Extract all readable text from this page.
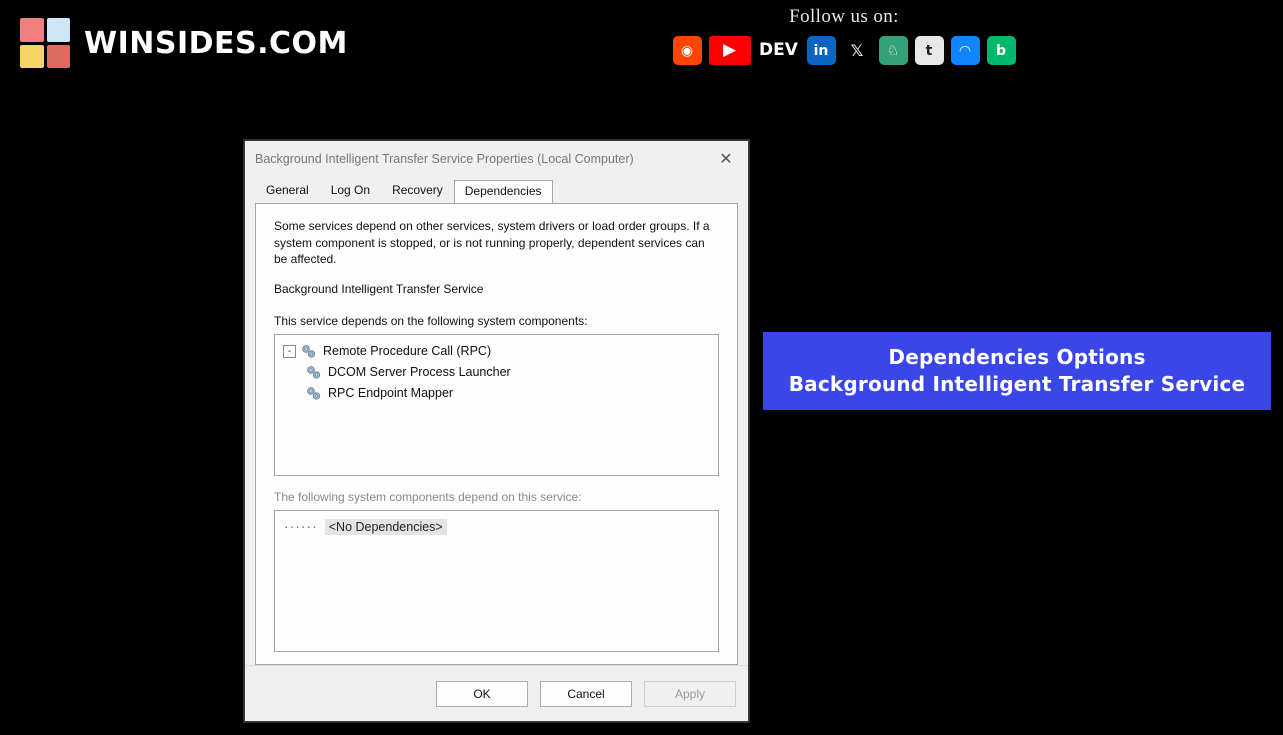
WINSIDES.COM
Follow us on:
◉	▶	DEV	in	𝕏	♘	t	◠	b
Background Intelligent Transfer Service Properties (Local Computer)	✕
General	Log On	Recovery	Dependencies

Some services depend on other services, system drivers or load order groups. If a system component is stopped, or is not running properly, dependent services can be affected.

Background Intelligent Transfer Service

This service depends on the following system components:

- Remote Procedure Call (RPC)
DCOM Server Process Launcher
RPC Endpoint Mapper

The following system components depend on this service:

······ <No Dependencies>
OK	Cancel	Apply
Dependencies Options
Background Intelligent Transfer Service
